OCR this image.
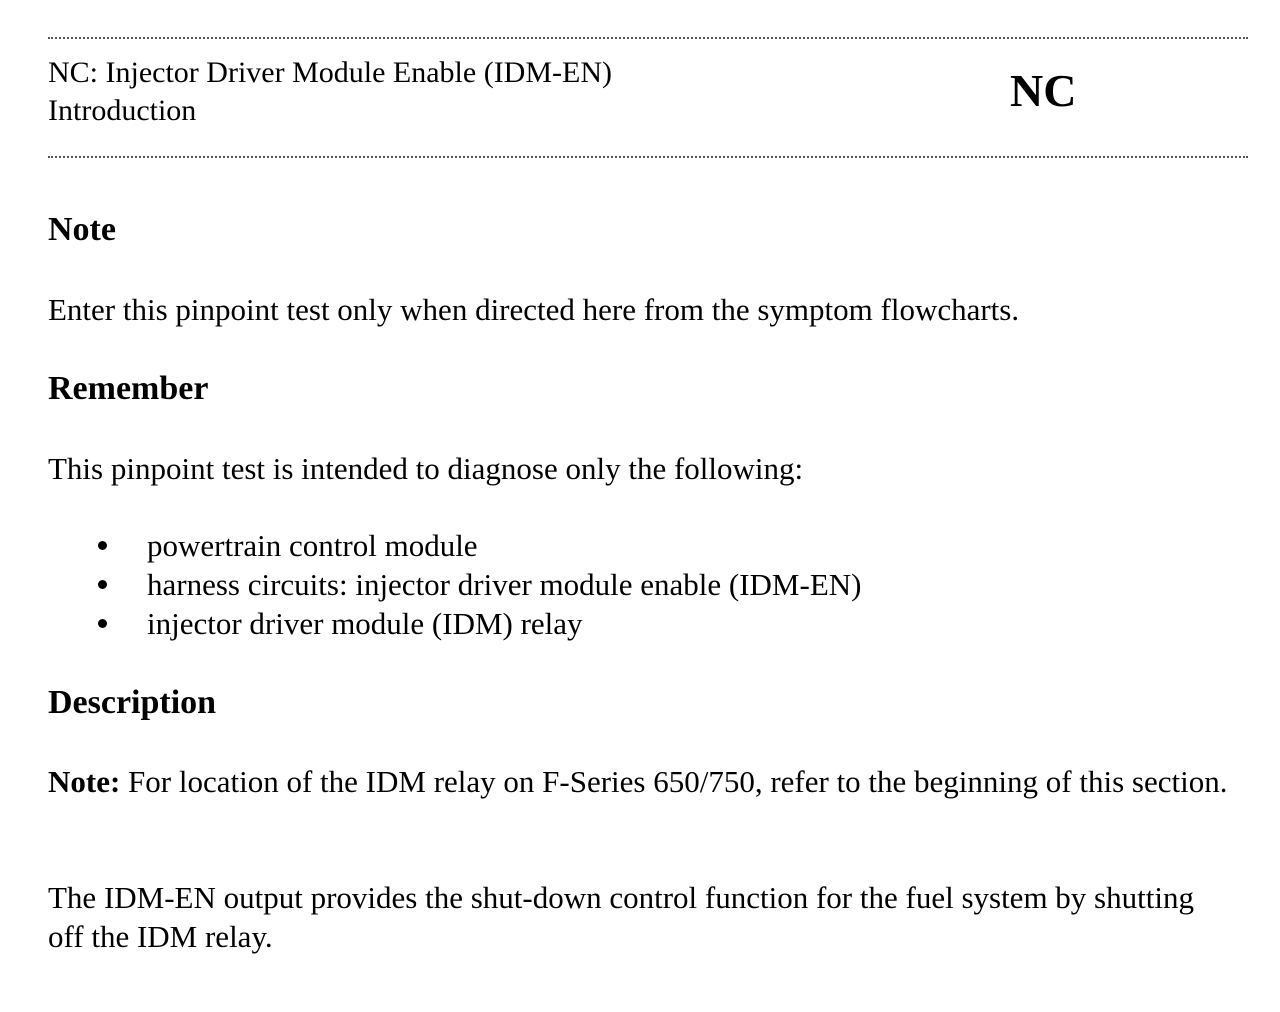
NC: Injector Driver Module Enable (IDM-EN)
Introduction	NC
Note
Enter this pinpoint test only when directed here from the symptom flowcharts.
Remember
This pinpoint test is intended to diagnose only the following:
powertrain control module
harness circuits: injector driver module enable (IDM-EN)
injector driver module (IDM) relay
Description
Note: For location of the IDM relay on F-Series 650/750, refer to the beginning of this section.
The IDM-EN output provides the shut-down control function for the fuel system by shutting off the IDM relay.
